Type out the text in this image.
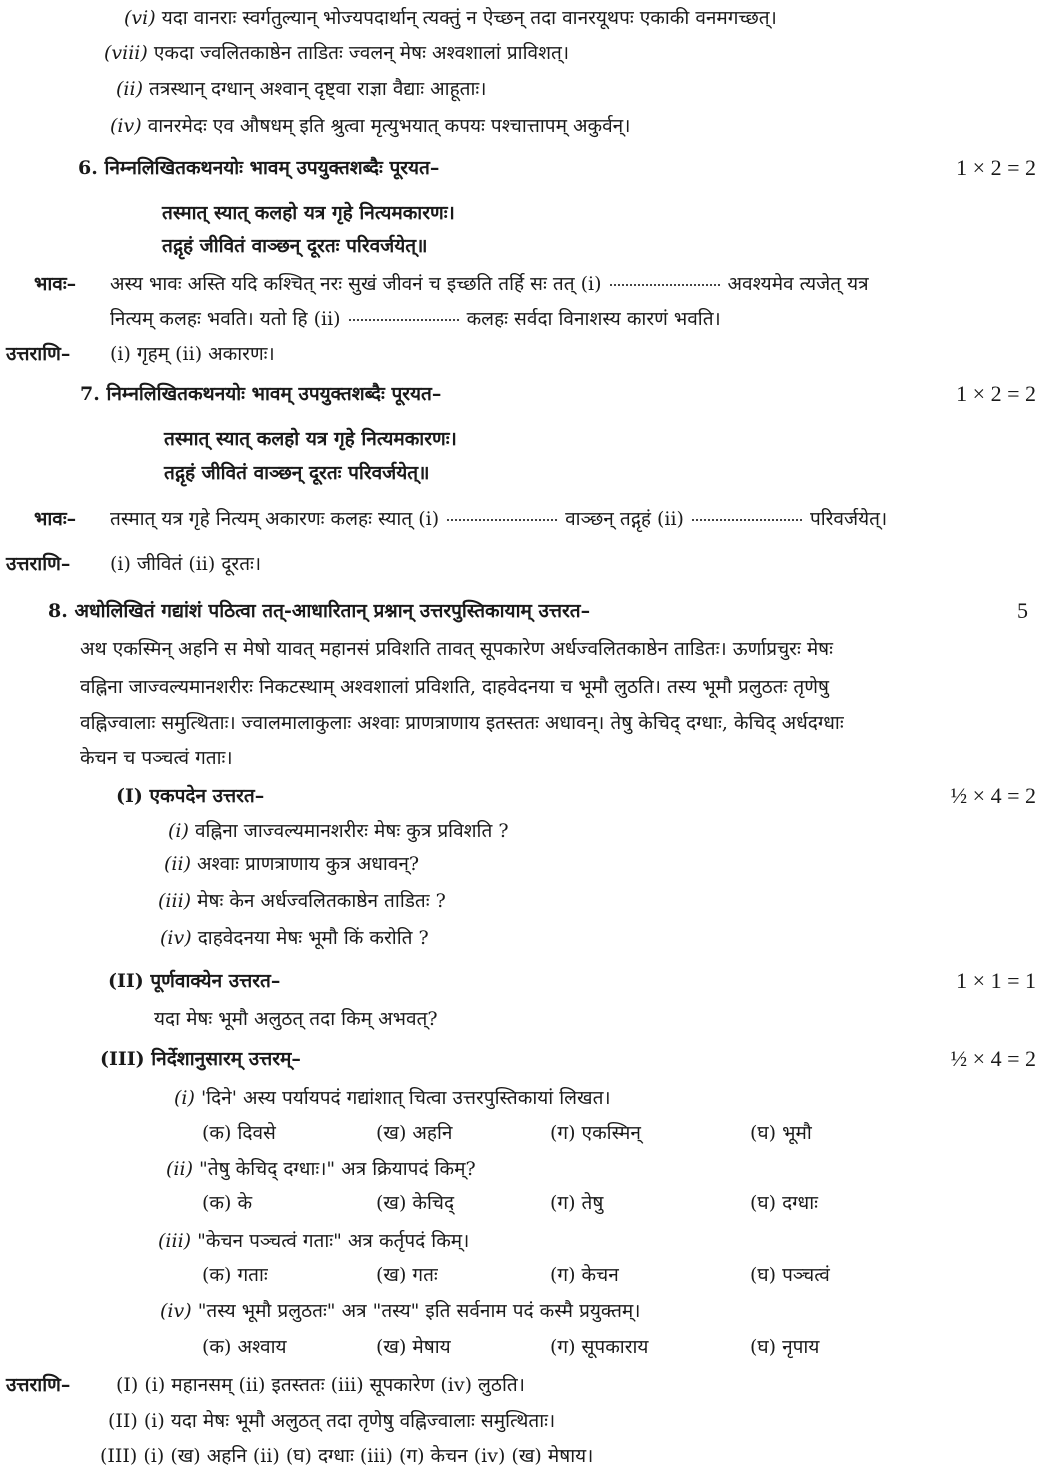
(vi) यदा वानराः स्वर्गतुल्यान् भोज्यपदार्थान् त्यक्तुं न ऐच्छन् तदा वानरयूथपः एकाकी वनमगच्छत्।
(viii) एकदा ज्वलितकाष्ठेन ताडितः ज्वलन् मेषः अश्वशालां प्राविशत्।
(ii) तत्रस्थान् दग्धान् अश्वान् दृष्ट्वा राज्ञा वैद्याः आहूताः।
(iv) वानरमेदः एव औषधम् इति श्रुत्वा मृत्युभयात् कपयः पश्चात्तापम् अकुर्वन्।
6. निम्नलिखितकथनयोः भावम् उपयुक्तशब्दैः पूरयत–	1 × 2 = 2
तस्मात् स्यात् कलहो यत्र गृहे नित्यमकारणः।
तद्गृहं जीवितं वाञ्छन् दूरतः परिवर्जयेत्॥
भावः– अस्य भावः अस्ति यदि कश्चित् नरः सुखं जीवनं च इच्छति तर्हि सः तत् (i)	अवश्यमेव त्यजेत् यत्र
नित्यम् कलहः भवति। यतो हि (ii)	कलहः सर्वदा विनाशस्य कारणं भवति।
उत्तराणि– (i) गृहम् (ii) अकारणः।
7. निम्नलिखितकथनयोः भावम् उपयुक्तशब्दैः पूरयत–	1 × 2 = 2
तस्मात् स्यात् कलहो यत्र गृहे नित्यमकारणः।
तद्गृहं जीवितं वाञ्छन् दूरतः परिवर्जयेत्॥
भावः– तस्मात् यत्र गृहे नित्यम् अकारणः कलहः स्यात् (i)	वाञ्छन् तद्गृहं (ii)	परिवर्जयेत्।
उत्तराणि– (i) जीवितं (ii) दूरतः।
8. अधोलिखितं गद्यांशं पठित्वा तत्-आधारितान् प्रश्नान् उत्तरपुस्तिकायाम् उत्तरत–	5
अथ एकस्मिन् अहनि स मेषो यावत् महानसं प्रविशति तावत् सूपकारेण अर्धज्वलितकाष्ठेन ताडितः। ऊर्णाप्रचुरः मेषः
वह्निना जाज्वल्यमानशरीरः निकटस्थाम् अश्वशालां प्रविशति, दाहवेदनया च भूमौ लुठति। तस्य भूमौ प्रलुठतः तृणेषु
वह्निज्वालाः समुत्थिताः। ज्वालमालाकुलाः अश्वाः प्राणत्राणाय इतस्ततः अधावन्। तेषु केचिद् दग्धाः, केचिद् अर्धदग्धाः
केचन च पञ्चत्वं गताः।
(I) एकपदेन उत्तरत–	½ × 4 = 2
(i) वह्निना जाज्वल्यमानशरीरः मेषः कुत्र प्रविशति ?
(ii) अश्वाः प्राणत्राणाय कुत्र अधावन्?
(iii) मेषः केन अर्धज्वलितकाष्ठेन ताडितः ?
(iv) दाहवेदनया मेषः भूमौ किं करोति ?
(II) पूर्णवाक्येन उत्तरत–	1 × 1 = 1
यदा मेषः भूमौ अलुठत् तदा किम् अभवत्?
(III) निर्देशानुसारम् उत्तरम्–	½ × 4 = 2
(i) 'दिने' अस्य पर्यायपदं गद्यांशात् चित्वा उत्तरपुस्तिकायां लिखत।
(क) दिवसे	(ख) अहनि	(ग) एकस्मिन्	(घ) भूमौ
(ii) "तेषु केचिद् दग्धाः।" अत्र क्रियापदं किम्?
(क) के	(ख) केचिद्	(ग) तेषु	(घ) दग्धाः
(iii) "केचन पञ्चत्वं गताः" अत्र कर्तृपदं किम्।
(क) गताः	(ख) गतः	(ग) केचन	(घ) पञ्चत्वं
(iv) "तस्य भूमौ प्रलुठतः" अत्र "तस्य" इति सर्वनाम पदं कस्मै प्रयुक्तम्।
(क) अश्वाय	(ख) मेषाय	(ग) सूपकाराय	(घ) नृपाय
उत्तराणि– (I) (i) महानसम् (ii) इतस्ततः (iii) सूपकारेण (iv) लुठति।
(II) (i) यदा मेषः भूमौ अलुठत् तदा तृणेषु वह्निज्वालाः समुत्थिताः।
(III) (i) (ख) अहनि (ii) (घ) दग्धाः (iii) (ग) केचन (iv) (ख) मेषाय।
